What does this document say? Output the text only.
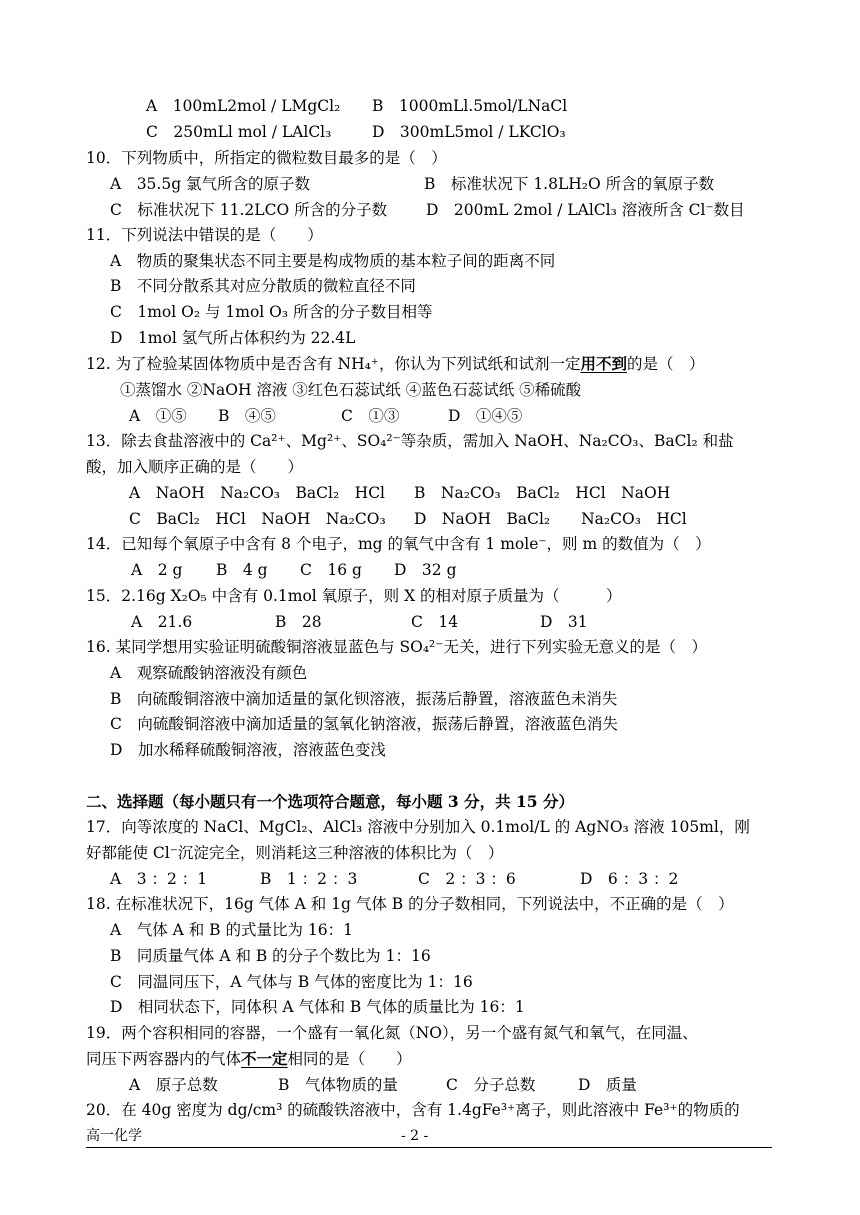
A　100mL2mol / LMgCl₂ B　1000mLl.5mol/LNaCl
C　250mLl mol / LAlCl₃	D　300mL5mol / LKClO₃
10．下列物质中，所指定的微粒数目最多的是（　）
A　35.5g 氯气所含的原子数	B　标准状况下 1.8LH₂O 所含的氧原子数
C　标准状况下 11.2LCO 所含的分子数	D　200mL 2mol / LAlCl₃ 溶液所含 Cl⁻数目
11．下列说法中错误的是（　　）
A　物质的聚集状态不同主要是构成物质的基本粒子间的距离不同
B　不同分散系其对应分散质的微粒直径不同
C　1mol O₂ 与 1mol O₃ 所含的分子数目相等
D　1mol 氢气所占体积约为 22.4L
12. 为了检验某固体物质中是否含有 NH₄⁺，你认为下列试纸和试剂一定用不到的是（　）
①蒸馏水 ②NaOH 溶液 ③红色石蕊试纸 ④蓝色石蕊试纸 ⑤稀硫酸
A　①⑤ B　④⑤	C　①③	D　①④⑤
13．除去食盐溶液中的 Ca²⁺、Mg²⁺、SO₄²⁻等杂质，需加入 NaOH、Na₂CO₃、BaCl₂ 和盐
酸，加入顺序正确的是（　　）
A　NaOH　Na₂CO₃　BaCl₂　HCl B　Na₂CO₃　BaCl₂　HCl　NaOH
C　BaCl₂　HCl　NaOH　Na₂CO₃ D　NaOH　BaCl₂　　Na₂CO₃　HCl
14．已知每个氧原子中含有 8 个电子，mg 的氧气中含有 1 mole⁻，则 m 的数值为（　）
A　2 g B　4 g C　16 g D　32 g
15．2.16g X₂O₅ 中含有 0.1mol 氧原子，则 X 的相对原子质量为（　　　）
A　21.6	B　28	C　14	D　31
16. 某同学想用实验证明硫酸铜溶液显蓝色与 SO₄²⁻无关，进行下列实验无意义的是（　）
A　观察硫酸钠溶液没有颜色
B　向硫酸铜溶液中滴加适量的氯化钡溶液，振荡后静置，溶液蓝色未消失
C　向硫酸铜溶液中滴加适量的氢氧化钠溶液，振荡后静置，溶液蓝色消失
D　加水稀释硫酸铜溶液，溶液蓝色变浅
二、选择题（每小题只有一个选项符合题意，每小题 3 分，共 15 分）
17．向等浓度的 NaCl、MgCl₂、AlCl₃ 溶液中分别加入 0.1mol/L 的 AgNO₃ 溶液 105ml，刚
好都能使 Cl⁻沉淀完全，则消耗这三种溶液的体积比为（　）
A　3 ：2 ：1	B　1 ：2 ：3	C　2 ：3 ：6	D　6 ：3 ：2
18. 在标准状况下，16g 气体 A 和 1g 气体 B 的分子数相同，下列说法中，不正确的是（　）
A　气体 A 和 B 的式量比为 16：1
B　同质量气体 A 和 B 的分子个数比为 1：16
C　同温同压下，A 气体与 B 气体的密度比为 1：16
D　相同状态下，同体积 A 气体和 B 气体的质量比为 16：1
19．两个容积相同的容器，一个盛有一氧化氮（NO），另一个盛有氮气和氧气，在同温、
同压下两容器内的气体不一定相同的是（　　）
A　原子总数	B　气体物质的量	C　分子总数	D　质量
20．在 40g 密度为 dg/cm³ 的硫酸铁溶液中，含有 1.4gFe³⁺离子，则此溶液中 Fe³⁺的物质的
高一化学	- 2 -
